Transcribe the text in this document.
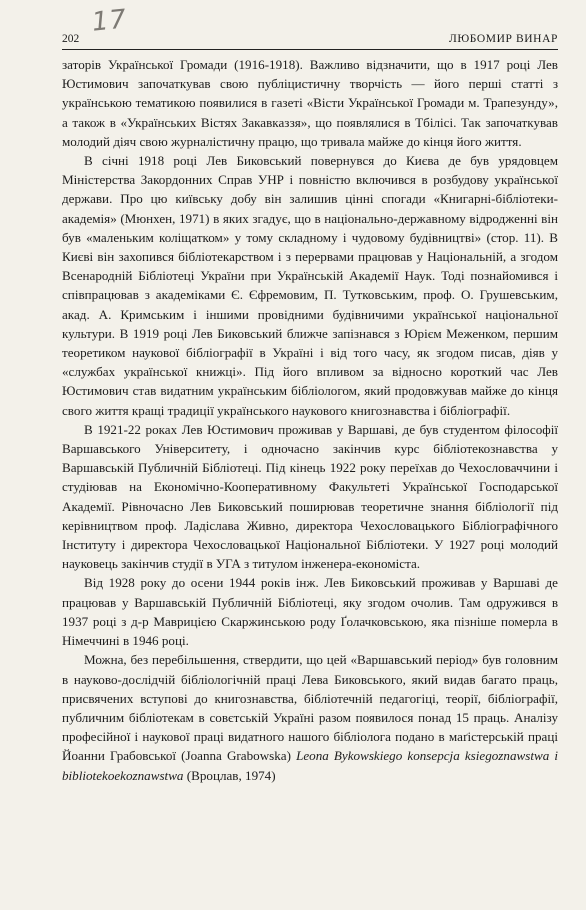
17
202	ЛЮБОМИР ВИНАР

заторів Української Громади (1916-1918). Важливо відзначити, що в 1917 році Лев Юстимович започаткував свою публіцистичну творчість — його перші статті з українською тематикою появилися в газеті «Вісти Української Громади м. Трапезунду», а також в «Українських Вістях Закавказзя», що появлялися в Тбілісі. Так започаткував молодий діяч свою журналістичну працю, що тривала майже до кінця його життя.

В січні 1918 році Лев Биковський повернувся до Києва де був урядовцем Міністерства Закордонних Справ УНР і повністю включився в розбудову української держави. Про цю київську добу він залишив цінні спогади «Книгарні-бібліотеки-академія» (Мюнхен, 1971) в яких згадує, що в національно-державному відродженні він був «маленьким коліщатком» у тому складному і чудовому будівництві» (стор. 11). В Києві він захопився бібліотекарством і з перервами працював у Національній, а згодом Всенародній Бібліотеці України при Українській Академії Наук. Тоді познайомився і співпрацював з академіками Є. Єфремовим, П. Тутковським, проф. О. Грушевським, акад. А. Кримським і іншими провідними будівничими української національної культури. В 1919 році Лев Биковський ближче запізнався з Юрієм Меженком, першим теоретиком наукової бібліографії в Україні і від того часу, як згодом писав, діяв у «службах української книжці». Під його впливом за відносно короткий час Лев Юстимович став видатним українським бібліологом, який продовжував майже до кінця свого життя кращі традиції українського наукового книгознавства і бібліографії.

В 1921-22 роках Лев Юстимович проживав у Варшаві, де був студентом філософії Варшавського Університету, і одночасно закінчив курс бібліотекознавства у Варшавській Публичній Бібліотеці. Під кінець 1922 року переїхав до Чехословаччини і студіював на Економічно-Кооперативному Факультеті Української Господарської Академії. Рівночасно Лев Биковський поширював теоретичне знання бібліології під керівництвом проф. Ладіслава Живно, директора Чехословацького Бібліографічного Інституту і директора Чехословацької Національної Бібліотеки. У 1927 році молодий науковець закінчив студії в УГА з титулом інженера-економіста.

Від 1928 року до осени 1944 років інж. Лев Биковський проживав у Варшаві де працював у Варшавській Публичній Бібліотеці, яку згодом очолив. Там одружився в 1937 році з д-р Маврицією Скаржинською роду Ґолачковською, яка пізніше померла в Німеччині в 1946 році.

Можна, без перебільшення, ствердити, що цей «Варшавський період» був головним в науково-дослідчій бібліологічній праці Лева Биковського, який видав багато праць, присвячених вступові до книгознавства, бібліотечній педагогіці, теорії, бібліографії, публичним бібліотекам в совєтській Україні разом появилося понад 15 праць. Аналізу професійної і наукової праці видатного нашого бібліолога подано в маґістерській праці Йоанни Грабовської (Joanna Grabowska) Leona Bykowskiego konsepcja ksiegoznawstwa i bibliotekoekoznawstwa (Вроцлав, 1974)
